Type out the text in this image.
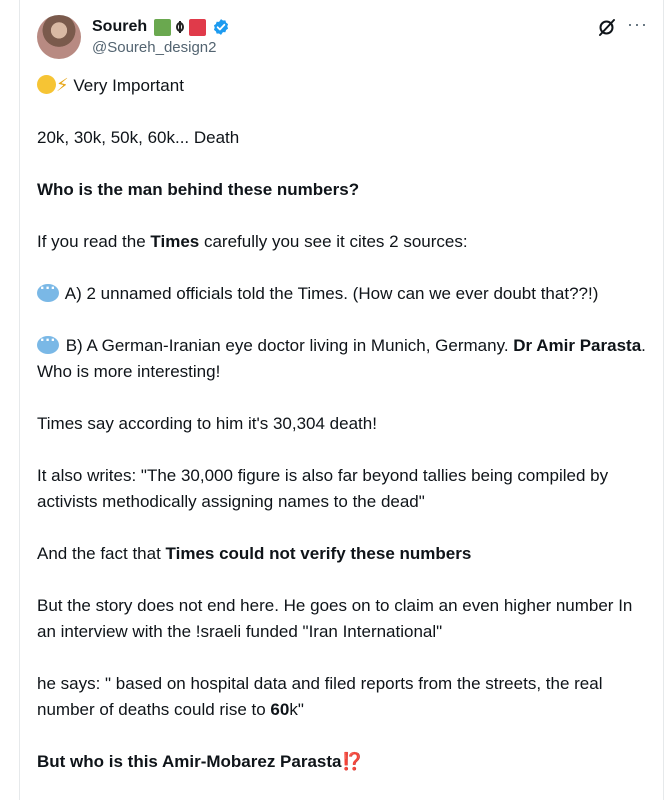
Soureh
@Soureh_design2
···

⚡ Very Important

20k, 30k, 50k, 60k... Death

Who is the man behind these numbers?

If you read the Times carefully you see it cites 2 sources:

··· A) 2 unnamed officials told the Times. (How can we ever doubt that??!)

··· B) A German-Iranian eye doctor living in Munich, Germany. Dr Amir Parasta. Who is more interesting!

Times say according to him it's 30,304 death!

It also writes: "The 30,000 figure is also far beyond tallies being compiled by activists methodically assigning names to the dead"

And the fact that Times could not verify these numbers

But the story does not end here. He goes on to claim an even higher number In an interview with the !sraeli funded "Iran International"

he says: " based on hospital data and filed reports from the streets, the real number of deaths could rise to 60k"

But who is this Amir-Mobarez Parasta⁉️
